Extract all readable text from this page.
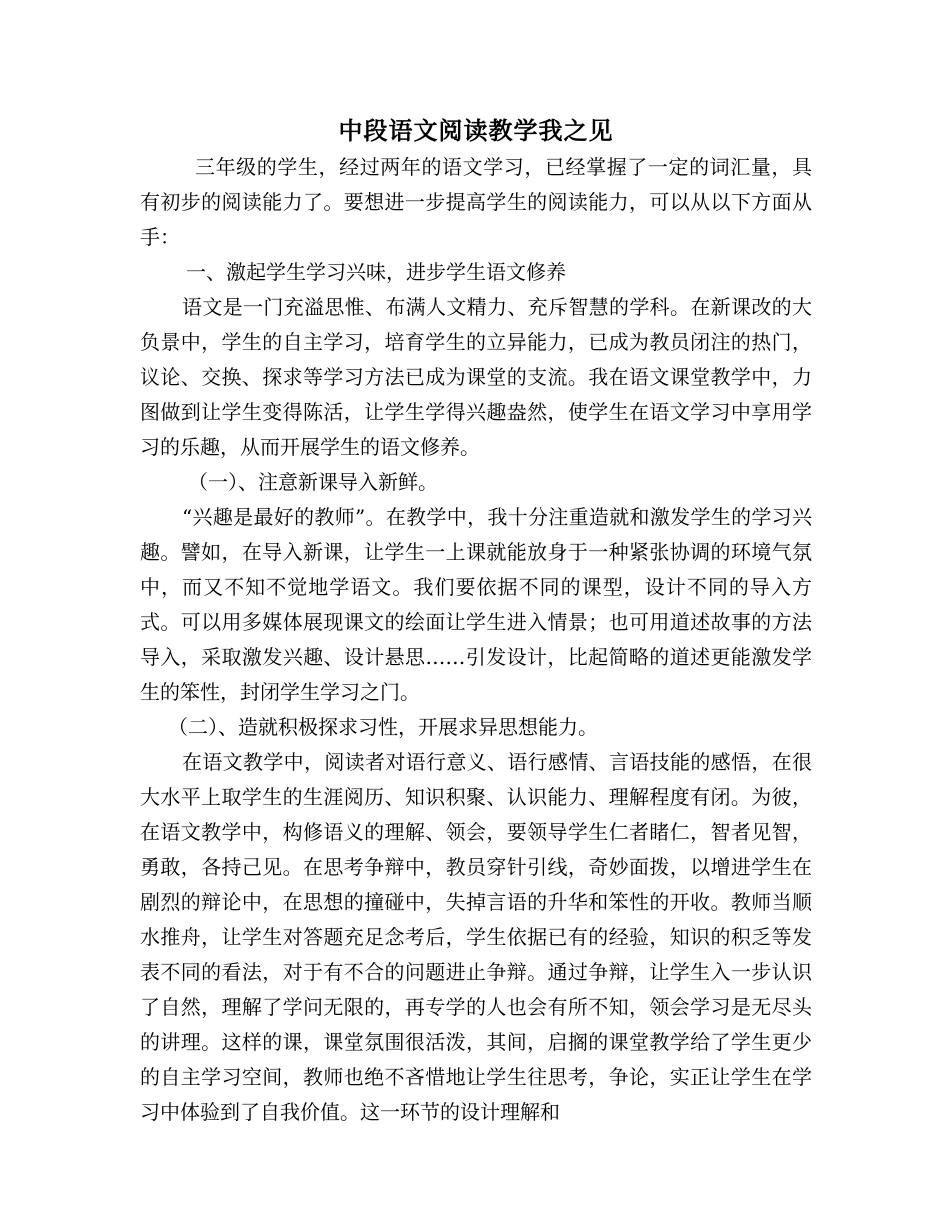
中段语文阅读教学我之见

三年级的学生，经过两年的语文学习，已经掌握了一定的词汇量，具有初步的阅读能力了。要想进一步提高学生的阅读能力，可以从以下方面从手：

一、激起学生学习兴味，进步学生语文修养

语文是一门充溢思惟、布满人文精力、充斥智慧的学科。在新课改的大负景中，学生的自主学习，培育学生的立异能力，已成为教员闭注的热门，议论、交换、探求等学习方法已成为课堂的支流。我在语文课堂教学中，力图做到让学生变得陈活，让学生学得兴趣盎然，使学生在语文学习中享用学习的乐趣，从而开展学生的语文修养。

（一）、注意新课导入新鲜。

“兴趣是最好的教师”。在教学中，我十分注重造就和激发学生的学习兴趣。譬如，在导入新课，让学生一上课就能放身于一种紧张协调的环境气氛中，而又不知不觉地学语文。我们要依据不同的课型，设计不同的导入方式。可以用多媒体展现课文的绘面让学生进入情景；也可用道述故事的方法导入，采取激发兴趣、设计悬思……引发设计，比起简略的道述更能激发学生的笨性，封闭学生学习之门。

（二）、造就积极探求习性，开展求异思想能力。

在语文教学中，阅读者对语行意义、语行感情、言语技能的感悟，在很大水平上取学生的生涯阅历、知识积聚、认识能力、理解程度有闭。为彼，在语文教学中，构修语义的理解、领会，要领导学生仁者睹仁，智者见智，勇敢，各持己见。在思考争辩中，教员穿针引线，奇妙面拨，以增进学生在剧烈的辩论中，在思想的撞碰中，失掉言语的升华和笨性的开收。教师当顺水推舟，让学生对答题充足念考后，学生依据已有的经验，知识的积乏等发表不同的看法，对于有不合的问题进止争辩。通过争辩，让学生入一步认识了自然，理解了学问无限的，再专学的人也会有所不知，领会学习是无尽头的讲理。这样的课，课堂氛围很活泼，其间，启搁的课堂教学给了学生更少的自主学习空间，教师也绝不吝惜地让学生往思考，争论，实正让学生在学习中体验到了自我价值。这一环节的设计理解和
